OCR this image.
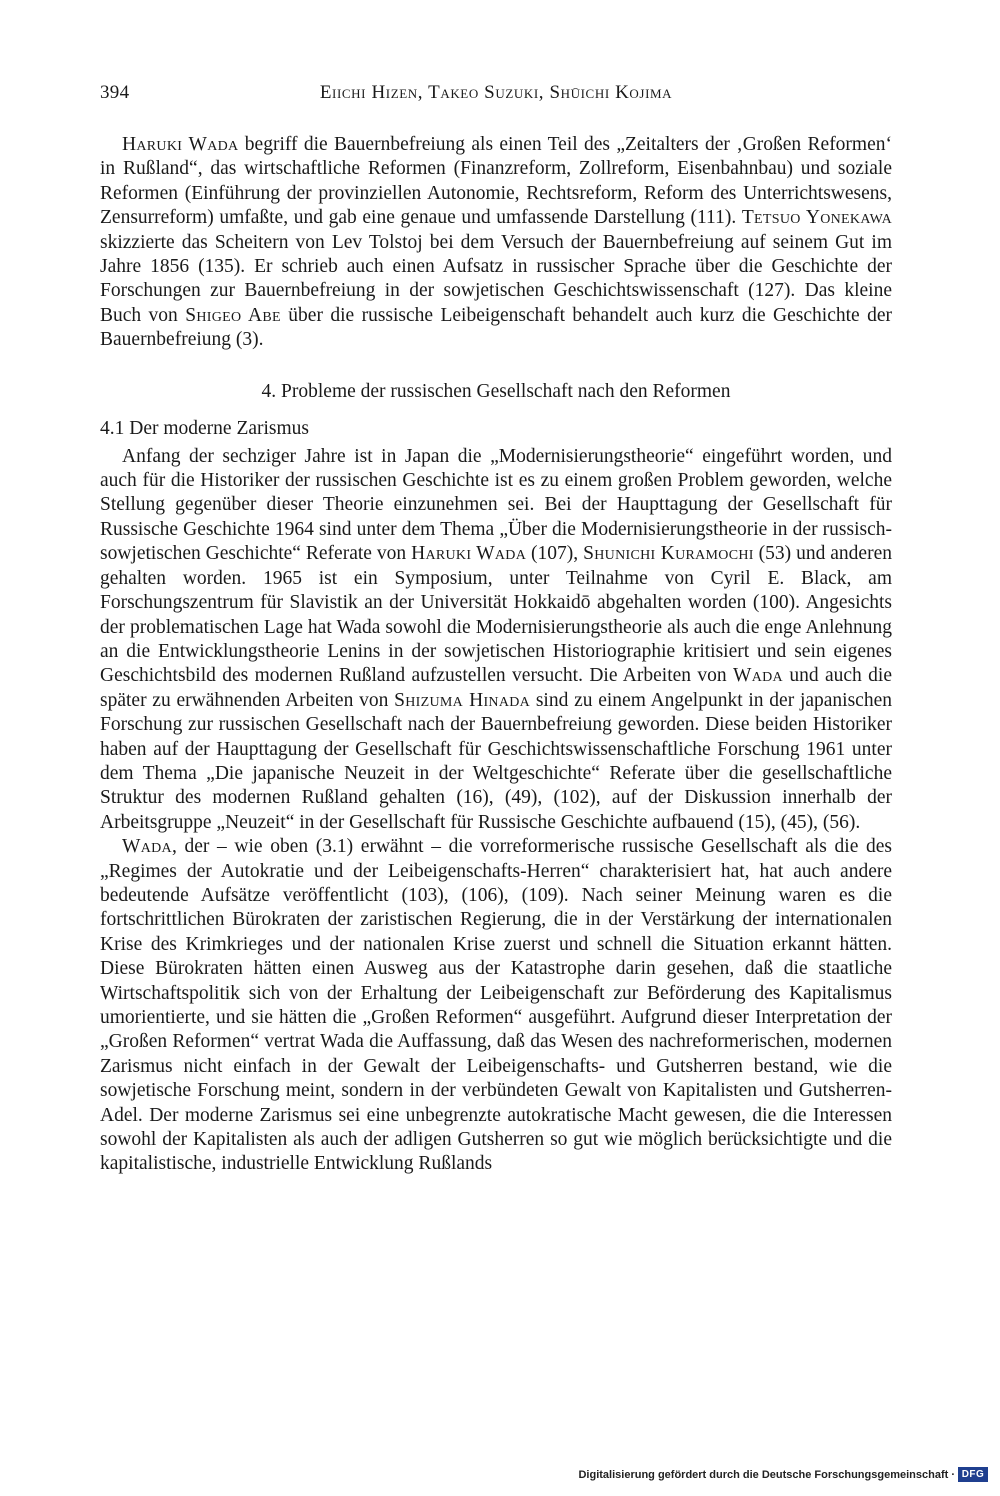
394	Eiichi Hizen, Takeo Suzuki, Shūichi Kojima

Haruki Wada begriff die Bauernbefreiung als einen Teil des „Zeitalters der ‚Großen Reformen‘ in Rußland“, das wirtschaftliche Reformen (Finanzreform, Zollreform, Eisenbahnbau) und soziale Reformen (Einführung der provinziellen Autonomie, Rechtsreform, Reform des Unterrichtswesens, Zensurreform) umfaßte, und gab eine genaue und umfassende Darstellung (111). Tetsuo Yonekawa skizzierte das Scheitern von Lev Tolstoj bei dem Versuch der Bauernbefreiung auf seinem Gut im Jahre 1856 (135). Er schrieb auch einen Aufsatz in russischer Sprache über die Geschichte der Forschungen zur Bauernbefreiung in der sowjetischen Geschichtswissenschaft (127). Das kleine Buch von Shigeo Abe über die russische Leibeigenschaft behandelt auch kurz die Geschichte der Bauernbefreiung (3).

4. Probleme der russischen Gesellschaft nach den Reformen
4.1 Der moderne Zarismus

Anfang der sechziger Jahre ist in Japan die „Modernisierungstheorie“ eingeführt worden, und auch für die Historiker der russischen Geschichte ist es zu einem großen Problem geworden, welche Stellung gegenüber dieser Theorie einzunehmen sei. Bei der Haupttagung der Gesellschaft für Russische Geschichte 1964 sind unter dem Thema „Über die Modernisierungstheorie in der russisch-sowjetischen Geschichte“ Referate von Haruki Wada (107), Shunichi Kuramochi (53) und anderen gehalten worden. 1965 ist ein Symposium, unter Teilnahme von Cyril E. Black, am Forschungszentrum für Slavistik an der Universität Hokkaidō abgehalten worden (100). Angesichts der problematischen Lage hat Wada sowohl die Modernisierungstheorie als auch die enge Anlehnung an die Entwicklungstheorie Lenins in der sowjetischen Historiographie kritisiert und sein eigenes Geschichtsbild des modernen Rußland aufzustellen versucht. Die Arbeiten von Wada und auch die später zu erwähnenden Arbeiten von Shizuma Hinada sind zu einem Angelpunkt in der japanischen Forschung zur russischen Gesellschaft nach der Bauernbefreiung geworden. Diese beiden Historiker haben auf der Haupttagung der Gesellschaft für Geschichtswissenschaftliche Forschung 1961 unter dem Thema „Die japanische Neuzeit in der Weltgeschichte“ Referate über die gesellschaftliche Struktur des modernen Rußland gehalten (16), (49), (102), auf der Diskussion innerhalb der Arbeitsgruppe „Neuzeit“ in der Gesellschaft für Russische Geschichte aufbauend (15), (45), (56).

Wada, der – wie oben (3.1) erwähnt – die vorreformerische russische Gesellschaft als die des „Regimes der Autokratie und der Leibeigenschafts-Herren“ charakterisiert hat, hat auch andere bedeutende Aufsätze veröffentlicht (103), (106), (109). Nach seiner Meinung waren es die fortschrittlichen Bürokraten der zaristischen Regierung, die in der Verstärkung der internationalen Krise des Krimkrieges und der nationalen Krise zuerst und schnell die Situation erkannt hätten. Diese Bürokraten hätten einen Ausweg aus der Katastrophe darin gesehen, daß die staatliche Wirtschaftspolitik sich von der Erhaltung der Leibeigenschaft zur Beförderung des Kapitalismus umorientierte, und sie hätten die „Großen Reformen“ ausgeführt. Aufgrund dieser Interpretation der „Großen Reformen“ vertrat Wada die Auffassung, daß das Wesen des nachreformerischen, modernen Zarismus nicht einfach in der Gewalt der Leibeigenschafts- und Gutsherren bestand, wie die sowjetische Forschung meint, sondern in der verbündeten Gewalt von Kapitalisten und Gutsherren-Adel. Der moderne Zarismus sei eine unbegrenzte autokratische Macht gewesen, die die Interessen sowohl der Kapitalisten als auch der adligen Gutsherren so gut wie möglich berücksichtigte und die kapitalistische, industrielle Entwicklung Rußlands

Digitalisierung gefördert durch die Deutsche Forschungsgemeinschaft · DFG
